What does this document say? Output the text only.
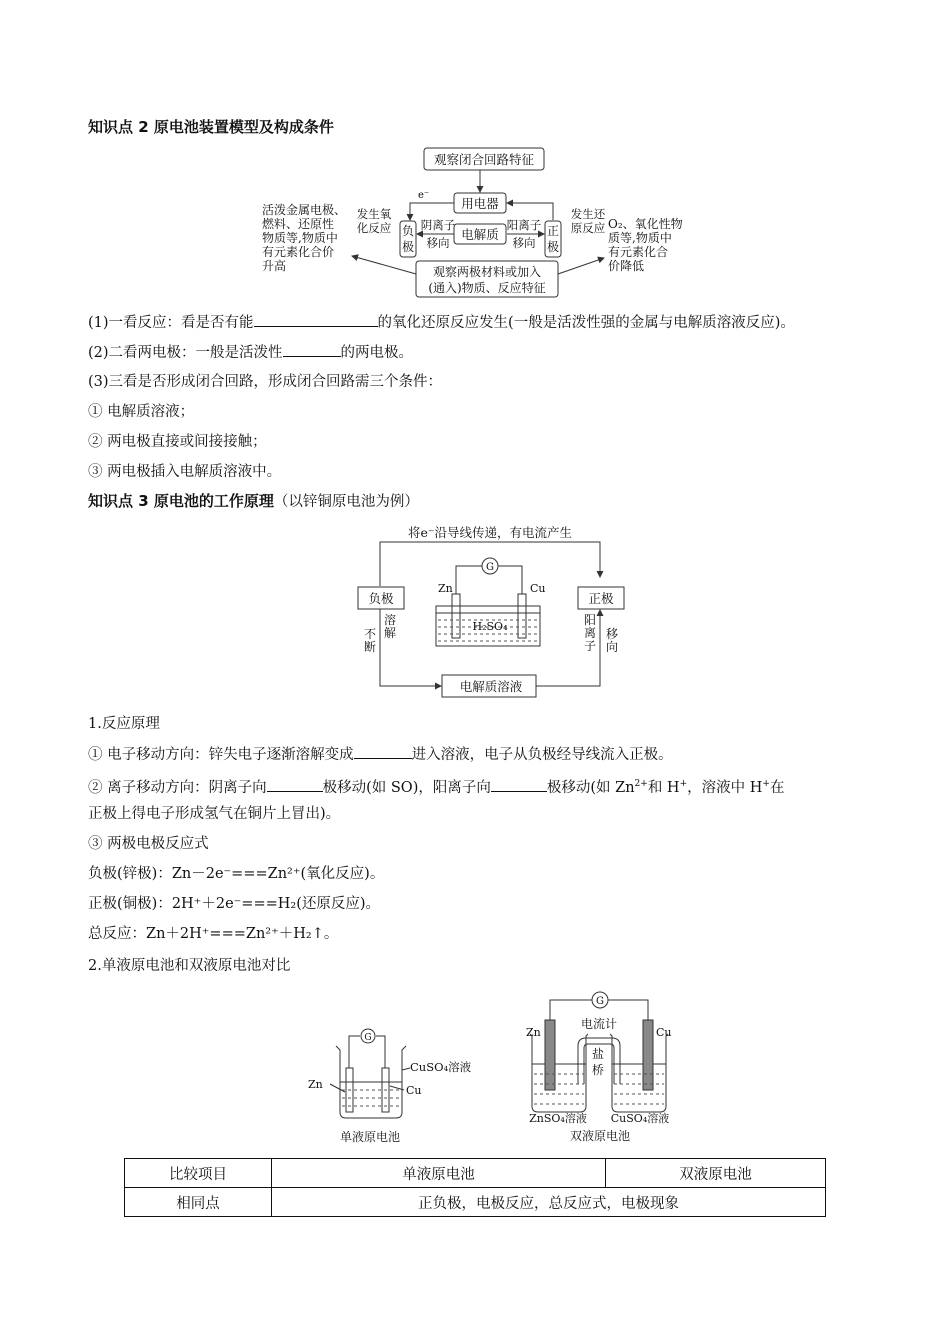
知识点 2 原电池装置模型及构成条件
观察闭合回路特征
e⁻
用电器
电解质
负
极
正
极
阴离子
移向
阳离子
移向
发生氧
化反应
发生还
原反应
活泼金属电极、
燃料、还原性
物质等,物质中
有元素化合价
升高
O₂、氧化性物
质等,物质中
有元素化合
价降低
观察两极材料或加入
(通入)物质、反应特征
(1)一看反应：看是否有能	的氧化还原反应发生(一般是活泼性强的金属与电解质溶液反应)。
(2)二看两电极：一般是活泼性	的两电极。
(3)三看是否形成闭合回路，形成闭合回路需三个条件：
① 电解质溶液；
② 两电极直接或间接接触；
③ 两电极插入电解质溶液中。
知识点 3 原电池的工作原理（以锌铜原电池为例）
将e⁻沿导线传递，有电流产生
负极	正极
G
Zn	Cu
H₂SO₄
电解质溶液
不断
溶解
阳离子
移向
1.反应原理
① 电子移动方向：锌失电子逐渐溶解变成	进入溶液，电子从负极经导线流入正极。
② 离子移动方向：阴离子向	极移动(如 SO)，阳离子向	极移动(如 $Zn^{2+}$和 H+，溶液中 H+在
正极上得电子形成氢气在铜片上冒出)。
③ 两极电极反应式
负极(锌极)：Zn－2e⁻===Zn²⁺(氧化反应)。
正极(铜极)：2H⁺＋2e⁻===H₂(还原反应)。
总反应：Zn＋2H⁺===Zn²⁺＋H₂↑。
2.单液原电池和双液原电池对比
G
Zn	Cu
CuSO₄溶液
单液原电池
G
电流计
Zn	Cu
盐
桥
ZnSO₄溶液 CuSO₄溶液
双液原电池
比较项目	单液原电池	双液原电池
相同点	正负极，电极反应，总反应式，电极现象	
